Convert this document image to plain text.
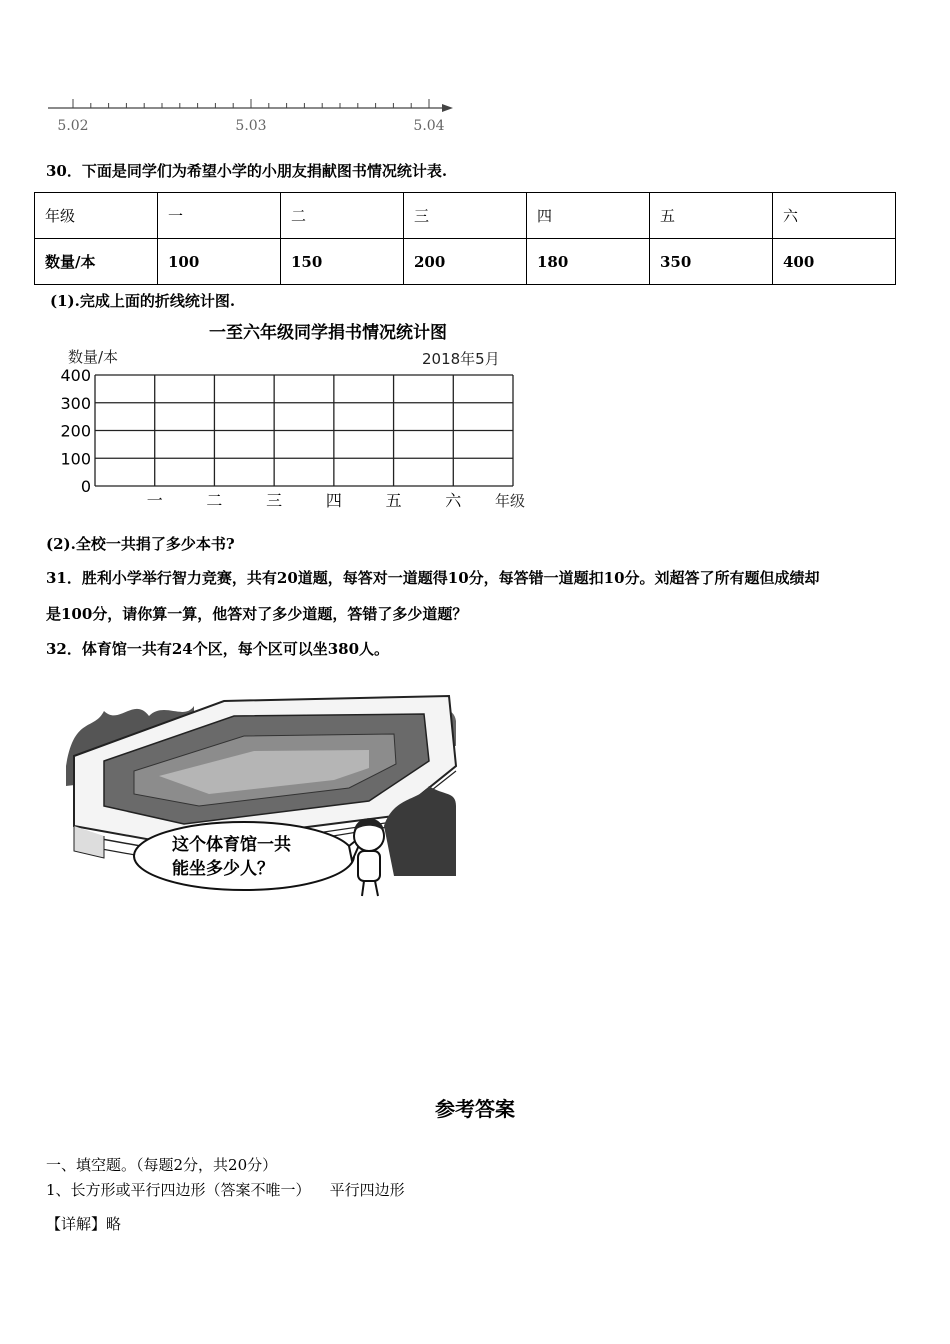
5.02	5.03	5.04
30．下面是同学们为希望小学的小朋友捐献图书情况统计表.
年级	一	二	三	四	五	六
数量/本	100	150	200	180	350	400
(1).完成上面的折线统计图.
一至六年级同学捐书情况统计图
数量/本	2018年5月
年级
0
100
200
300
400
一	二	三	四	五	六
(2).全校一共捐了多少本书?
31．胜利小学举行智力竞赛，共有20道题，每答对一道题得10分，每答错一道题扣10分。刘超答了所有题但成绩却
是100分，请你算一算，他答对了多少道题，答错了多少道题？
32．体育馆一共有24个区，每个区可以坐380人。
这个体育馆一共
能坐多少人？
参考答案
一、填空题。（每题2分，共20分）
1、长方形或平行四边形（答案不唯一）    平行四边形
【详解】略
